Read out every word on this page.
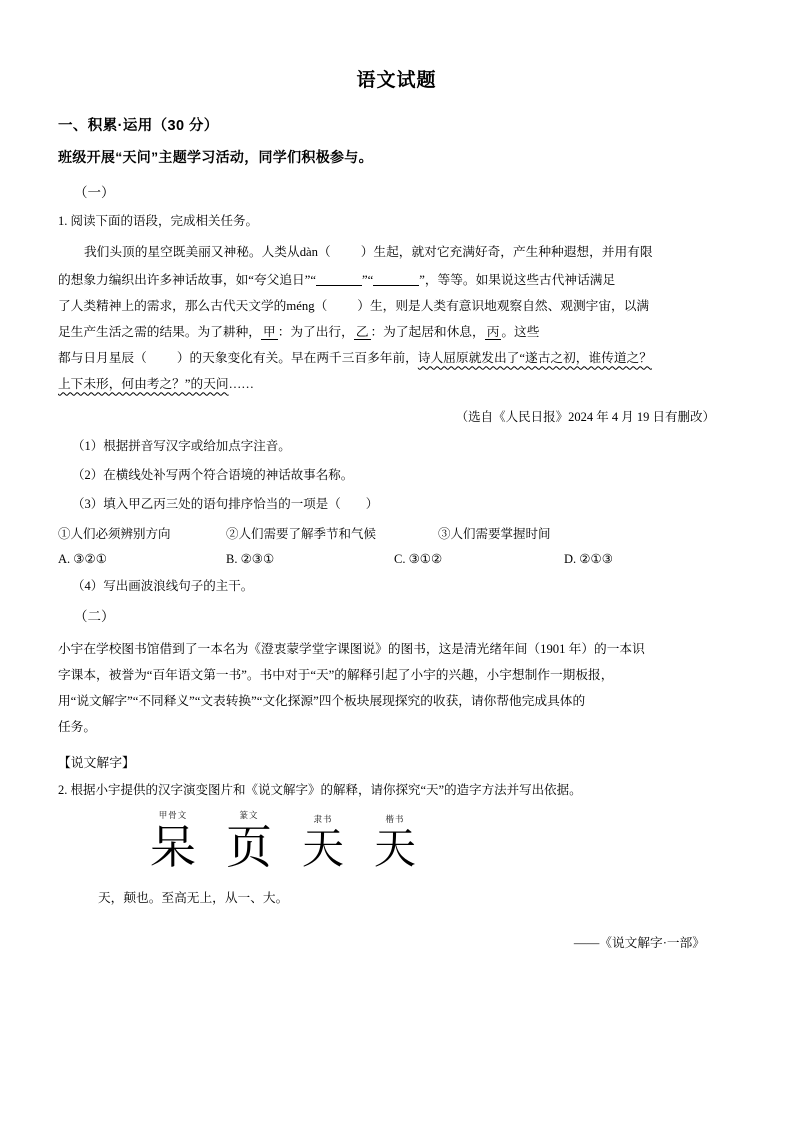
语文试题
一、积累·运用（30 分）
班级开展“天问”主题学习活动，同学们积极参与。
（一）
1. 阅读下面的语段，完成相关任务。
我们头顶的星空既美丽又神秘。人类从dàn（ ）生起，就对它充满好奇，产生种种遐想，并用有限
的想象力编织出许多神话故事，如“夸父追日”“	”“	”，等等。如果说这些古代神话满足
了人类精神上的需求，那么古代天文学的méng（ ）生，则是人类有意识地观察自然、观测宇宙，以满
足生产生活之需的结果。为了耕种， 甲 ：为了出行， 乙 ：为了起居和休息， 丙 。这些
都与日月星辰（ ）的天象变化有关。早在两千三百多年前，诗人屈原就发出了“遂古之初，谁传道之？
上下未形，何由考之？”的天问……
（选自《人民日报》2024 年 4 月 19 日有删改）
（1）根据拼音写汉字或给加点字注音。
（2）在横线处补写两个符合语境的神话故事名称。
（3）填入甲乙丙三处的语句排序恰当的一项是（　　）
①人们必须辨别方向	②人们需要了解季节和气候	③人们需要掌握时间
A. ③②①	B. ②③①	C. ③①②	D. ②①③
（4）写出画波浪线句子的主干。
（二）
小宇在学校图书馆借到了一本名为《澄衷蒙学堂字课图说》的图书，这是清光绪年间（1901 年）的一本识
字课本，被誉为“百年语文第一书”。书中对于“天”的解释引起了小宇的兴趣，小宇想制作一期板报，
用“说文解字”“不同释义”“文表转换”“文化探源”四个板块展现探究的收获，请你帮他完成具体的
任务。
【说文解字】
2. 根据小宇提供的汉字演变图片和《说文解字》的解释，请你探究“天”的造字方法并写出依据。
甲骨文
呆
篆文
页
隶书
天
楷书
天
天，颠也。至高无上，从一、大。
——《说文解字·一部》
